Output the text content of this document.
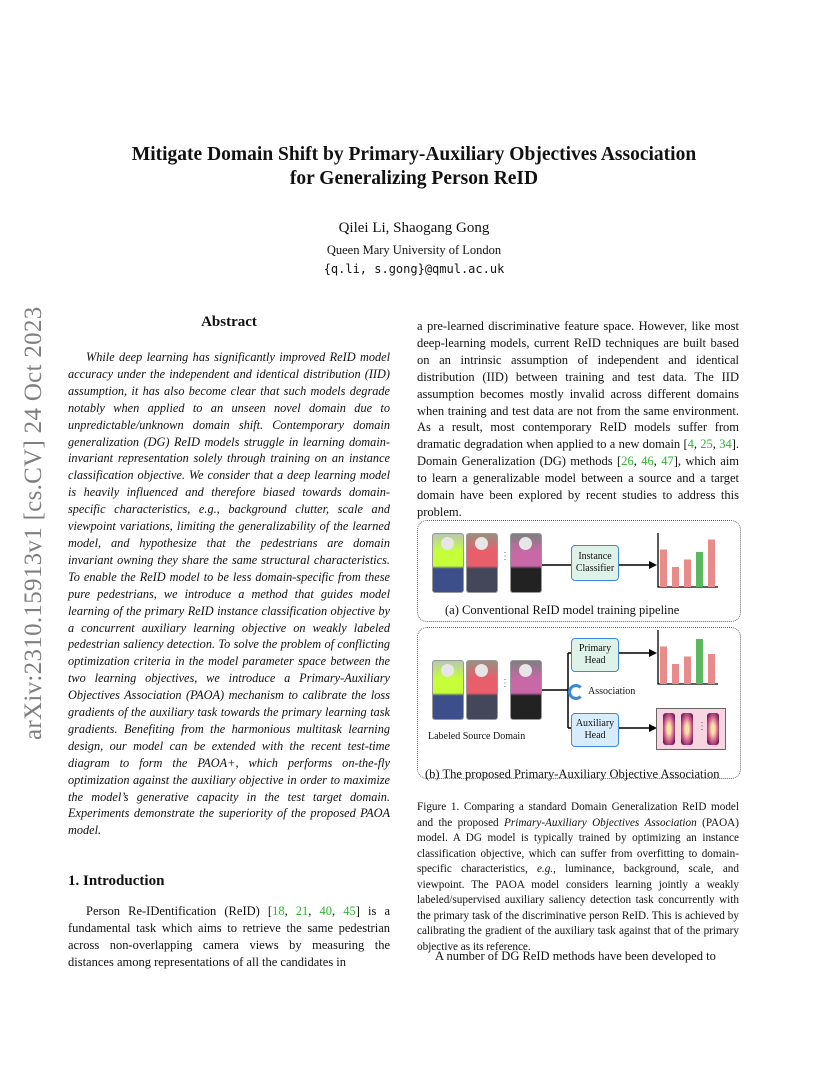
arXiv:2310.15913v1 [cs.CV] 24 Oct 2023
Mitigate Domain Shift by Primary-Auxiliary Objectives Association
for Generalizing Person ReID
Qilei Li, Shaogang Gong
Queen Mary University of London
{q.li, s.gong}@qmul.ac.uk
Abstract

While deep learning has significantly improved ReID model accuracy under the independent and identical distribution (IID) assumption, it has also become clear that such models degrade notably when applied to an unseen novel domain due to unpredictable/unknown domain shift. Contemporary domain generalization (DG) ReID models struggle in learning domain-invariant representation solely through training on an instance classification objective. We consider that a deep learning model is heavily influenced and therefore biased towards domain-specific characteristics, e.g., background clutter, scale and viewpoint variations, limiting the generalizability of the learned model, and hypothesize that the pedestrians are domain invariant owning they share the same structural characteristics. To enable the ReID model to be less domain-specific from these pure pedestrians, we introduce a method that guides model learning of the primary ReID instance classification objective by a concurrent auxiliary learning objective on weakly labeled pedestrian saliency detection. To solve the problem of conflicting optimization criteria in the model parameter space between the two learning objectives, we introduce a Primary-Auxiliary Objectives Association (PAOA) mechanism to calibrate the loss gradients of the auxiliary task towards the primary learning task gradients. Benefiting from the harmonious multitask learning design, our model can be extended with the recent test-time diagram to form the PAOA+, which performs on-the-fly optimization against the auxiliary objective in order to maximize the model’s generative capacity in the test target domain. Experiments demonstrate the superiority of the proposed PAOA model.

1. Introduction

Person Re-IDentification (ReID) [18, 21, 40, 45] is a fundamental task which aims to retrieve the same pedestrian across non-overlapping camera views by measuring the distances among representations of all the candidates in

a pre-learned discriminative feature space. However, like most deep-learning models, current ReID techniques are built based on an intrinsic assumption of independent and identical distribution (IID) between training and test data. The IID assumption becomes mostly invalid across different domains when training and test data are not from the same environment. As a result, most contemporary ReID models suffer from dramatic degradation when applied to a new domain [4, 25, 34]. Domain Generalization (DG) methods [26, 46, 47], which aim to learn a generalizable model between a source and a target domain have been explored by recent studies to address this problem.

⋮	Instance Classifier
(a) Conventional ReID model training pipeline
⋮
Labeled Source Domain
Primary Head
Association
Auxiliary Head
⋮
(b) The proposed Primary-Auxiliary Objective Association

Figure 1. Comparing a standard Domain Generalization ReID model and the proposed Primary-Auxiliary Objectives Association (PAOA) model. A DG model is typically trained by optimizing an instance classification objective, which can suffer from overfitting to domain-specific characteristics, e.g., luminance, background, scale, and viewpoint. The PAOA model considers learning jointly a weakly labeled/supervised auxiliary saliency detection task concurrently with the primary task of the discriminative person ReID. This is achieved by calibrating the gradient of the auxiliary task against that of the primary objective as its reference.

A number of DG ReID methods have been developed to
